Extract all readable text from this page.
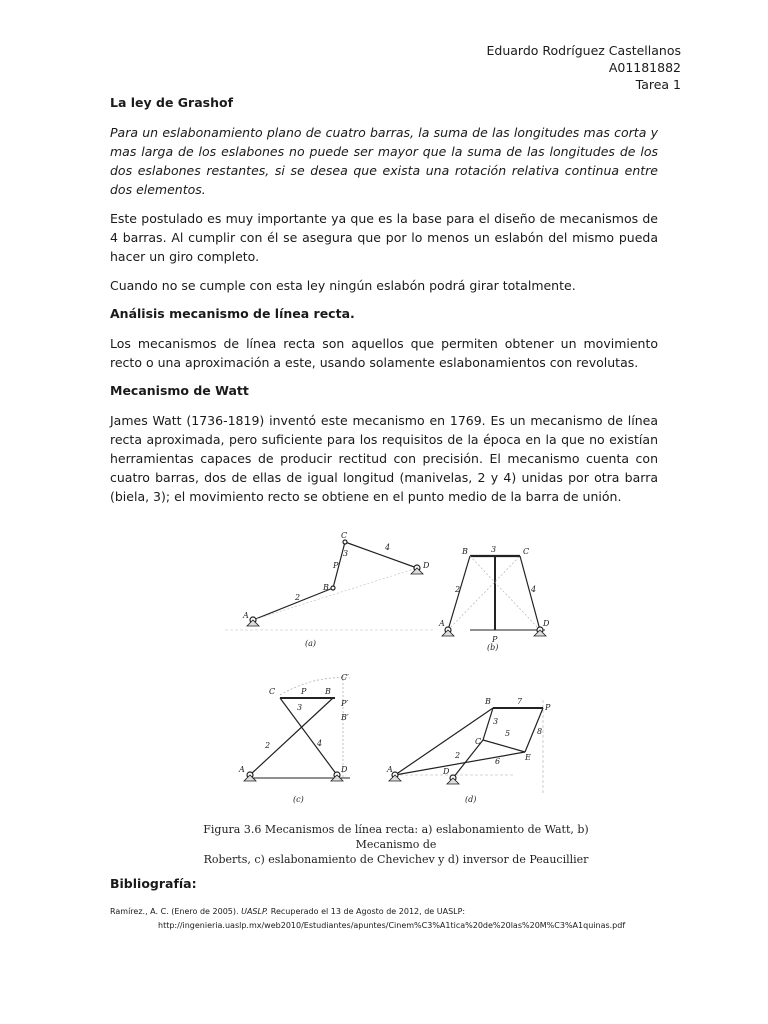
Eduardo Rodríguez Castellanos
A01181882
Tarea 1
La ley de Grashof

Para un eslabonamiento plano de cuatro barras, la suma de las longitudes mas corta y mas larga de los eslabones no puede ser mayor que la suma de las longitudes de los dos eslabones restantes, si se desea que exista una rotación relativa continua entre dos elementos.

Este postulado es muy importante ya que es la base para el diseño de mecanismos de 4 barras. Al cumplir con él se asegura que por lo menos un eslabón del mismo pueda hacer un giro completo.

Cuando no se cumple con esta ley ningún eslabón podrá girar totalmente.

Análisis mecanismo de línea recta.

Los mecanismos de línea recta son aquellos que permiten obtener un movimiento recto o una aproximación a este, usando solamente eslabonamientos con revolutas.

Mecanismo de Watt

James Watt (1736-1819) inventó este mecanismo en 1769. Es un mecanismo de línea recta aproximada, pero suficiente para los requisitos de la época en la que no existían herramientas capaces de producir rectitud con precisión. El mecanismo cuenta con cuatro barras, dos de ellas de igual longitud (manivelas, 2 y 4) unidas por otra barra (biela, 3); el movimiento recto se obtiene en el punto medio de la barra de unión.

A
2
B
P
3
C
4
D
(a)
B	3	C
2	4
A
P
D
(b)
C	P B
C′
P′
B′
3
2	4
A	D
(c)
B	7
P
3
C
5
E
8
2
6
A	D
(d)
Figura 3.6 Mecanismos de línea recta: a) eslabonamiento de Watt, b) Mecanismo de
Roberts, c) eslabonamiento de Chevichev y d) inversor de Peaucillier
Bibliografía:
Ramírez., A. C. (Enero de 2005). UASLP. Recuperado el 13 de Agosto de 2012, de UASLP:
http://ingenieria.uaslp.mx/web2010/Estudiantes/apuntes/Cinem%C3%A1tica%20de%20las%20M%C3%A1quinas.pdf
